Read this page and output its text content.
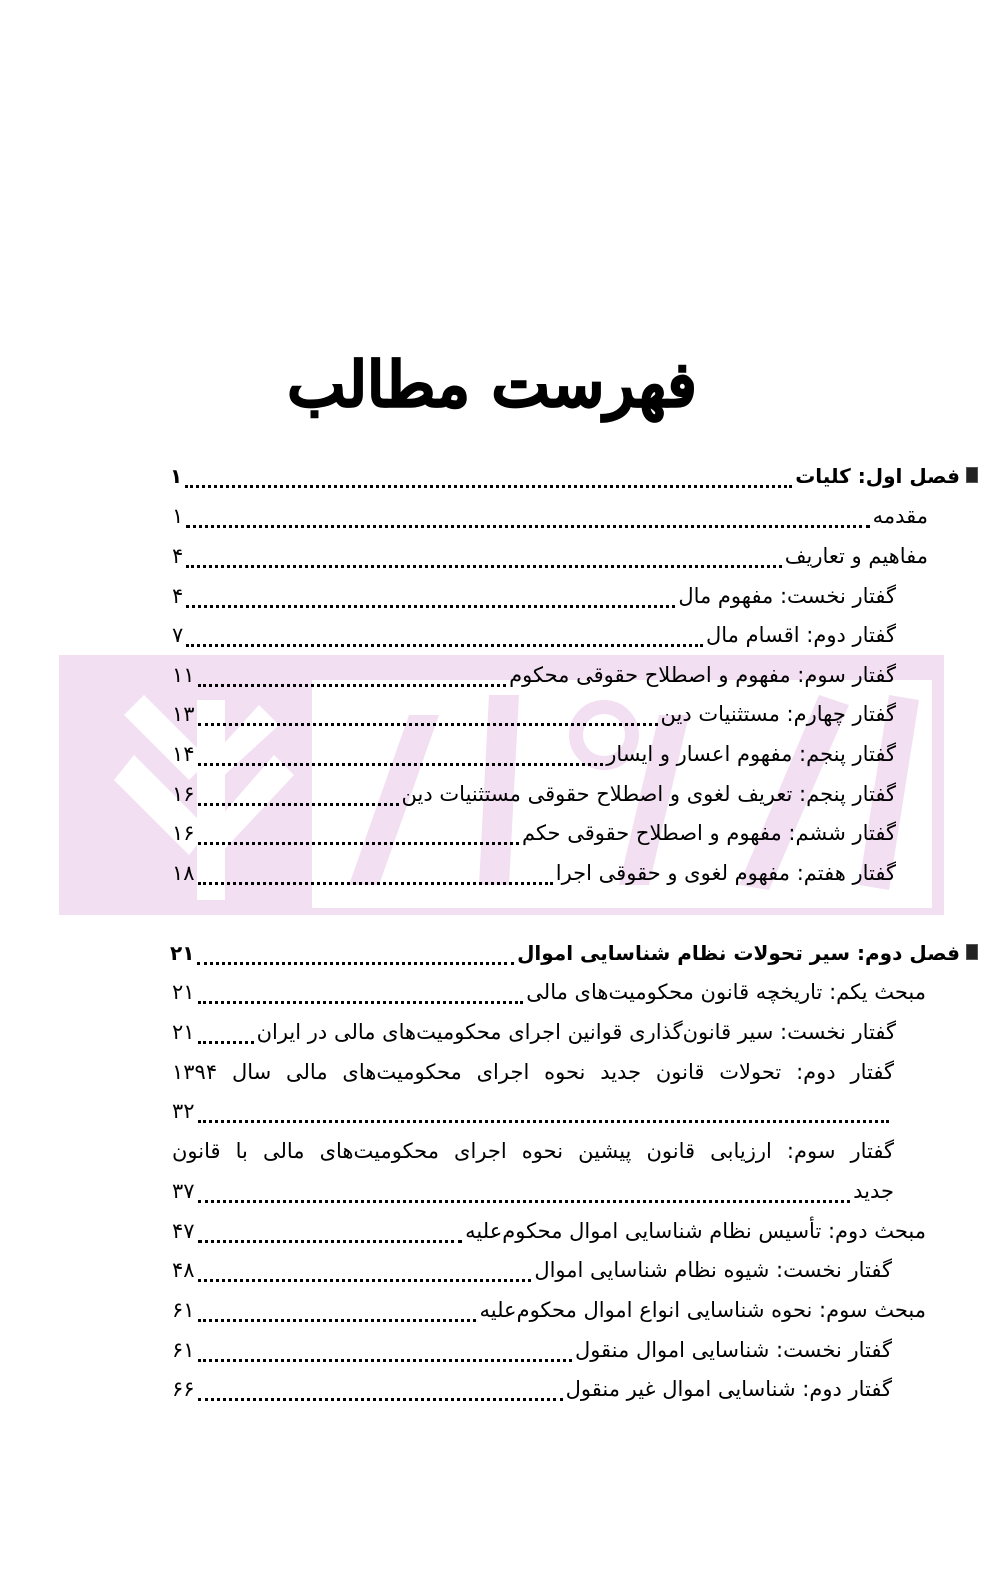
فهرست مطالب
فصل اول: کلیات
۱
مقدمه
۱
مفاهیم و تعاریف
۴
گفتار نخست: مفهوم مال
۴
گفتار دوم: اقسام مال
۷
گفتار سوم: مفهوم و اصطلاح حقوقی محکوم
۱۱
گفتار چهارم: مستثنیات دین
۱۳
گفتار پنجم: مفهوم اعسار و ایسار
۱۴
گفتار پنجم: تعریف لغوی و اصطلاح حقوقی مستثنیات دین
۱۶
گفتار ششم: مفهوم و اصطلاح حقوقی حکم
۱۶
گفتار هفتم: مفهوم لغوی و حقوقی اجرا
۱۸
فصل دوم: سیر تحولات نظام شناسایی اموال
۲۱
مبحث یکم: تاریخچه قانون محکومیت‌های مالی
۲۱
گفتار نخست: سیر قانون‌گذاری قوانین اجرای محکومیت‌های مالی در ایران
۲۱
گفتار دوم: تحولات قانون جدید نحوه اجرای محکومیت‌های مالی سال ۱۳۹۴
۳۲
گفتار سوم: ارزیابی قانون پیشین نحوه اجرای محکومیت‌های مالی با قانون
جدید
۳۷
مبحث دوم: تأسیس نظام شناسایی اموال محکوم‌علیه
۴۷
گفتار نخست: شیوه نظام شناسایی اموال
۴۸
مبحث سوم: نحوه شناسایی انواع اموال محکوم‌علیه
۶۱
گفتار نخست: شناسایی اموال منقول
۶۱
گفتار دوم: شناسایی اموال غیر منقول
۶۶
